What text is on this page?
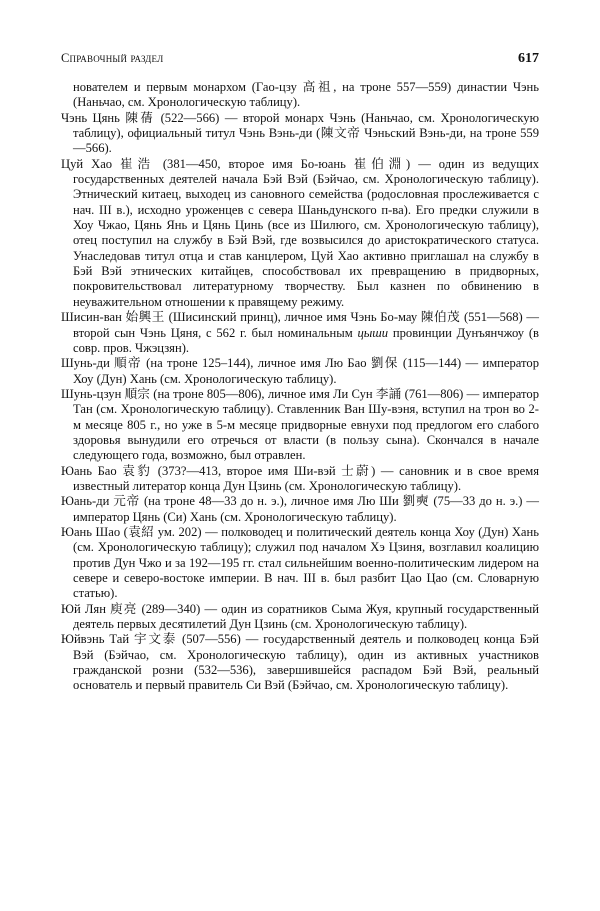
Справочный раздел	617

нователем и первым монархом (Гао-цзу 高祖, на троне 557—559) династии Чэнь (Наньчао, см. Хронологическую таблицу).

Чэнь Цянь 陳蒨 (522—566) — второй монарх Чэнь (Наньчао, см. Хронологическую таблицу), официальный титул Чэнь Вэнь-ди (陳文帝 Чэньский Вэнь-ди, на троне 559—566).

Цуй Хао 崔浩 (381—450, второе имя Бо-юань 崔伯淵) — один из ведущих государственных деятелей начала Бэй Вэй (Бэйчао, см. Хронологическую таблицу). Этнический китаец, выходец из сановного семейства (родословная прослеживается с нач. III в.), исходно уроженцев с севера Шаньдунского п-ва). Его предки служили в Хоу Чжао, Цянь Янь и Цянь Цинь (все из Шилюго, см. Хронологическую таблицу), отец поступил на службу в Бэй Вэй, где возвысился до аристократического статуса. Унаследовав титул отца и став канцлером, Цуй Хао активно приглашал на службу в Бэй Вэй этнических китайцев, способствовал их превращению в придворных, покровительствовал литературному творчеству. Был казнен по обвинению в неуважительном отношении к правящему режиму.

Шисин-ван 始興王 (Шисинский принц), личное имя Чэнь Бо-мау 陳伯茂 (551—568) — второй сын Чэнь Цяня, с 562 г. был номинальным цыши провинции Дунъянчжоу (в совр. пров. Чжэцзян).

Шунь-ди 順帝 (на троне 125–144), личное имя Лю Бао 劉保 (115—144) — император Хоу (Дун) Хань (см. Хронологическую таблицу).

Шунь-цзун 順宗 (на троне 805—806), личное имя Ли Сун 李誦 (761—806) — император Тан (см. Хронологическую таблицу). Ставленник Ван Шу-вэня, вступил на трон во 2-м месяце 805 г., но уже в 5-м месяце придворные евнухи под предлогом его слабого здоровья вынудили его отречься от власти (в пользу сына). Скончался в начале следующего года, возможно, был отравлен.

Юань Бао 袁豹 (373?—413, второе имя Ши-вэй 士蔚) — сановник и в свое время известный литератор конца Дун Цзинь (см. Хронологическую таблицу).

Юань-ди 元帝 (на троне 48—33 до н. э.), личное имя Лю Ши 劉奭 (75—33 до н. э.) — император Цянь (Си) Хань (см. Хронологическую таблицу).

Юань Шао (袁紹 ум. 202) — полководец и политический деятель конца Хоу (Дун) Хань (см. Хронологическую таблицу); служил под началом Хэ Цзиня, возглавил коалицию против Дун Чжо и за 192—195 гг. стал сильнейшим военно-политическим лидером на севере и северо-востоке империи. В нач. III в. был разбит Цао Цао (см. Словарную статью).

Юй Лян 庾亮 (289—340) — один из соратников Сыма Жуя, крупный государственный деятель первых десятилетий Дун Цзинь (см. Хронологическую таблицу).

Юйвэнь Тай 宇文泰 (507—556) — государственный деятель и полководец конца Бэй Вэй (Бэйчао, см. Хронологическую таблицу), один из активных участников гражданской розни (532—536), завершившейся распадом Бэй Вэй, реальный основатель и первый правитель Си Вэй (Бэйчао, см. Хронологическую таблицу).
